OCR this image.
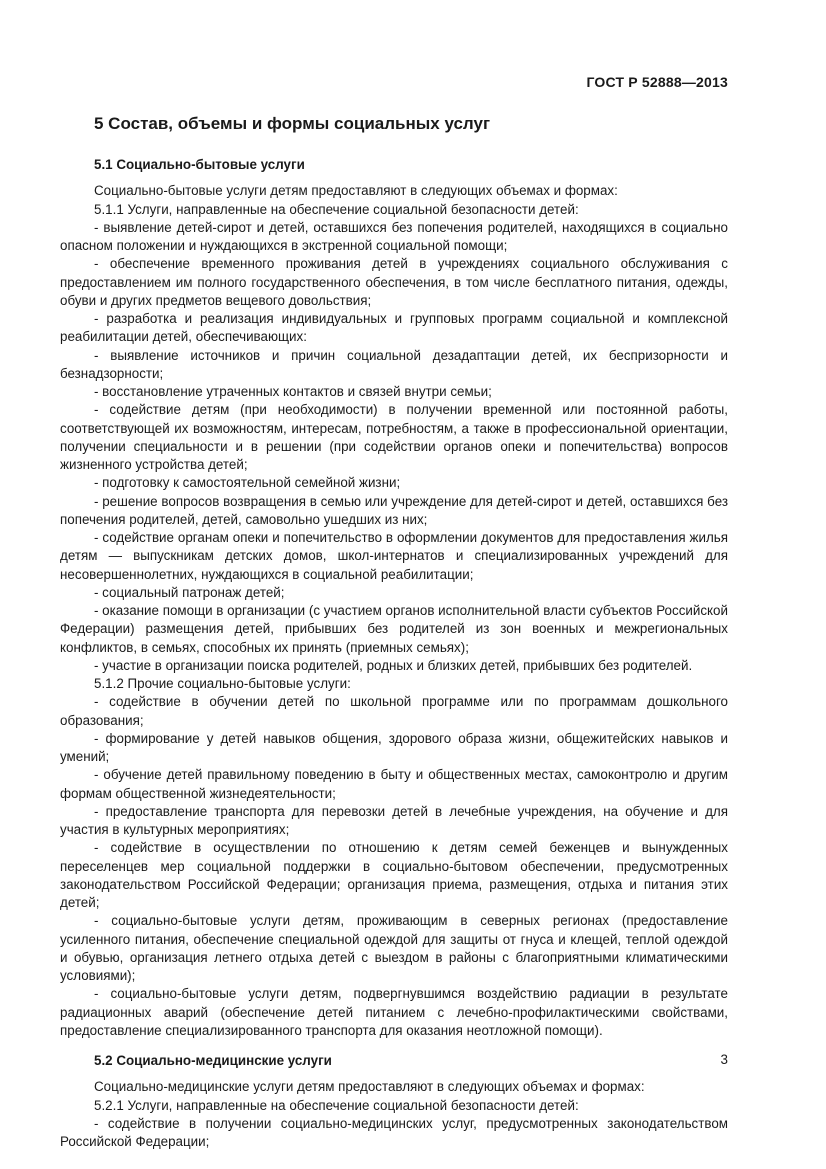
ГОСТ Р 52888—2013
5 Состав, объемы и формы социальных услуг
5.1 Социально-бытовые услуги

Социально-бытовые услуги детям предоставляют в следующих объемах и формах:

5.1.1 Услуги, направленные на обеспечение социальной безопасности детей:

- выявление детей-сирот и детей, оставшихся без попечения родителей, находящихся в социально опасном положении и нуждающихся в экстренной социальной помощи;

- обеспечение временного проживания детей в учреждениях социального обслуживания с предоставлением им полного государственного обеспечения, в том числе бесплатного питания, одежды, обуви и других предметов вещевого довольствия;

- разработка и реализация индивидуальных и групповых программ социальной и комплексной реабилитации детей, обеспечивающих:

- выявление источников и причин социальной дезадаптации детей, их беспризорности и безнадзорности;

- восстановление утраченных контактов и связей внутри семьи;

- содействие детям (при необходимости) в получении временной или постоянной работы, соответствующей их возможностям, интересам, потребностям, а также в профессиональной ориентации, получении специальности и в решении (при содействии органов опеки и попечительства) вопросов жизненного устройства детей;

- подготовку к самостоятельной семейной жизни;

- решение вопросов возвращения в семью или учреждение для детей-сирот и детей, оставшихся без попечения родителей, детей, самовольно ушедших из них;

- содействие органам опеки и попечительство в оформлении документов для предоставления жилья детям — выпускникам детских домов, школ-интернатов и специализированных учреждений для несовершеннолетних, нуждающихся в социальной реабилитации;

- социальный патронаж детей;

- оказание помощи в организации (с участием органов исполнительной власти субъектов Российской Федерации) размещения детей, прибывших без родителей из зон военных и межрегиональных конфликтов, в семьях, способных их принять (приемных семьях);

- участие в организации поиска родителей, родных и близких детей, прибывших без родителей.

5.1.2 Прочие социально-бытовые услуги:

- содействие в обучении детей по школьной программе или по программам дошкольного образования;

- формирование у детей навыков общения, здорового образа жизни, общежитейских навыков и умений;

- обучение детей правильному поведению в быту и общественных местах, самоконтролю и другим формам общественной жизнедеятельности;

- предоставление транспорта для перевозки детей в лечебные учреждения, на обучение и для участия в культурных мероприятиях;

- содействие в осуществлении по отношению к детям семей беженцев и вынужденных переселенцев мер социальной поддержки в социально-бытовом обеспечении, предусмотренных законодательством Российской Федерации; организация приема, размещения, отдыха и питания этих детей;

- социально-бытовые услуги детям, проживающим в северных регионах (предоставление усиленного питания, обеспечение специальной одеждой для защиты от гнуса и клещей, теплой одеждой и обувью, организация летнего отдыха детей с выездом в районы с благоприятными климатическими условиями);

- социально-бытовые услуги детям, подвергнувшимся воздействию радиации в результате радиационных аварий (обеспечение детей питанием с лечебно-профилактическими свойствами, предоставление специализированного транспорта для оказания неотложной помощи).

5.2 Социально-медицинские услуги

Социально-медицинские услуги детям предоставляют в следующих объемах и формах:

5.2.1 Услуги, направленные на обеспечение социальной безопасности детей:

- содействие в получении социально-медицинских услуг, предусмотренных законодательством Российской Федерации;

3
